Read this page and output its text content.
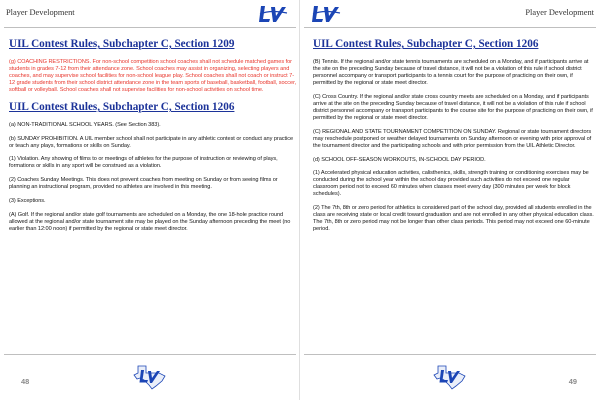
Player Development
UIL Contest Rules, Subchapter C, Section 1209

(g) COACHING RESTRICTIONS. For non-school competition school coaches shall not schedule matched games for students in grades 7-12 from their attendance zone. School coaches may assist in organizing, selecting players and coaches, and may supervise school facilities for non-school league play. School coaches shall not coach or instruct 7-12 grade students from their school district attendance zone in the team sports of baseball, basketball, football, soccer, softball or volleyball. School coaches shall not supervise facilities for non-school activities on school time.

UIL Contest Rules, Subchapter C, Section 1206

(a) NON-TRADITIONAL SCHOOL YEARS. (See Section 383).

(b) SUNDAY PROHIBITION. A UIL member school shall not participate in any athletic contest or conduct any practice or teach any plays, formations or skills on Sunday.

(1) Violation. Any showing of films to or meetings of athletes for the purpose of instruction or reviewing of plays, formations or skills in any sport will be construed as a violation.

(2) Coaches Sunday Meetings. This does not prevent coaches from meeting on Sunday or from seeing films or planning an instructional program, provided no athletes are involved in this meeting.

(3) Exceptions.

(A) Golf. If the regional and/or state golf tournaments are scheduled on a Monday, the one 18-hole practice round allowed at the regional and/or state tournament site may be played on the Sunday afternoon preceding the meet (no earlier than 12:00 noon) if permitted by the regional or state meet director.

48
Player Development
UIL Contest Rules, Subchapter C, Section 1206

(B) Tennis. If the regional and/or state tennis tournaments are scheduled on a Monday, and if participants arrive at the site on the preceding Sunday because of travel distance, it will not be a violation of this rule if school district personnel accompany or transport participants to a tennis court for the purpose of practicing on their own, if permitted by the regional or state meet director.

(C) Cross Country. If the regional and/or state cross country meets are scheduled on a Monday, and if participants arrive at the site on the preceding Sunday because of travel distance, it will not be a violation of this rule if school district personnel accompany or transport participants to the course site for the purpose of practicing on their own, if permitted by the regional or state meet director.

(C) REGIONAL AND STATE TOURNAMENT COMPETITION ON SUNDAY. Regional or state tournament directors may reschedule postponed or weather delayed tournaments on Sunday afternoon or evening with prior approval of the tournament director and the participating schools and with prior permission from the UIL Athletic Director.

(d) SCHOOL OFF-SEASON WORKOUTS, IN-SCHOOL DAY PERIOD.

(1) Accelerated physical education activities, calisthenics, skills, strength training or conditioning exercises may be conducted during the school year within the school day provided such activities do not exceed one regular classroom period not to exceed 60 minutes when classes meet every day (300 minutes per week for block schedules).

(2) The 7th, 8th or zero period for athletics is considered part of the school day, provided all students enrolled in the class are receiving state or local credit toward graduation and are not enrolled in any other physical education class. The 7th, 8th or zero period may not be longer than other class periods. This period may not exceed one 60-minute period.

49
